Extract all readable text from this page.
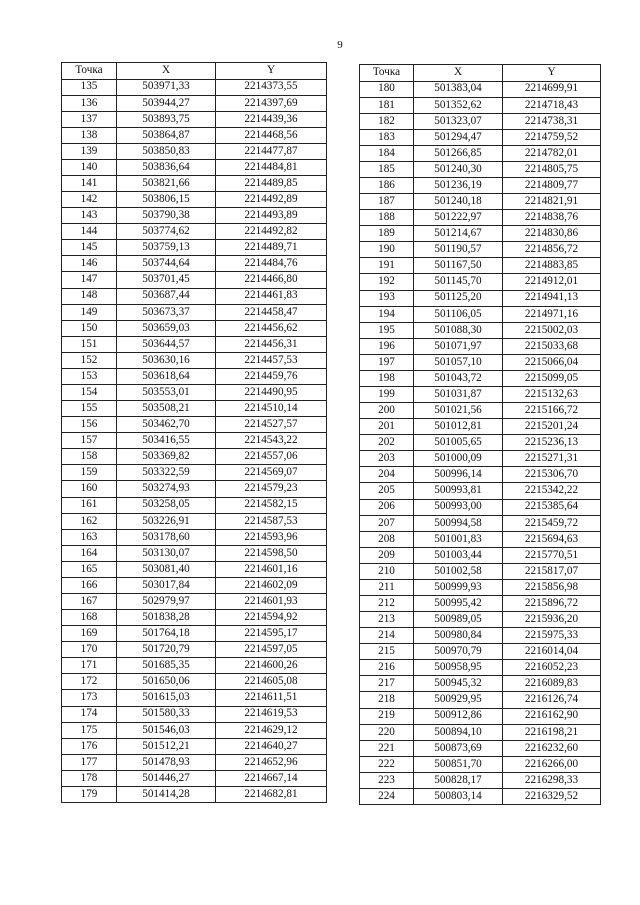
9
Точка	X	Y
135	503971,33	2214373,55
136	503944,27	2214397,69
137	503893,75	2214439,36
138	503864,87	2214468,56
139	503850,83	2214477,87
140	503836,64	2214484,81
141	503821,66	2214489,85
142	503806,15	2214492,89
143	503790,38	2214493,89
144	503774,62	2214492,82
145	503759,13	2214489,71
146	503744,64	2214484,76
147	503701,45	2214466,80
148	503687,44	2214461,83
149	503673,37	2214458,47
150	503659,03	2214456,62
151	503644,57	2214456,31
152	503630,16	2214457,53
153	503618,64	2214459,76
154	503553,01	2214490,95
155	503508,21	2214510,14
156	503462,70	2214527,57
157	503416,55	2214543,22
158	503369,82	2214557,06
159	503322,59	2214569,07
160	503274,93	2214579,23
161	503258,05	2214582,15
162	503226,91	2214587,53
163	503178,60	2214593,96
164	503130,07	2214598,50
165	503081,40	2214601,16
166	503017,84	2214602,09
167	502979,97	2214601,93
168	501838,28	2214594,92
169	501764,18	2214595,17
170	501720,79	2214597,05
171	501685,35	2214600,26
172	501650,06	2214605,08
173	501615,03	2214611,51
174	501580,33	2214619,53
175	501546,03	2214629,12
176	501512,21	2214640,27
177	501478,93	2214652,96
178	501446,27	2214667,14
179	501414,28	2214682,81
Точка	X	Y
180	501383,04	2214699,91
181	501352,62	2214718,43
182	501323,07	2214738,31
183	501294,47	2214759,52
184	501266,85	2214782,01
185	501240,30	2214805,75
186	501236,19	2214809,77
187	501240,18	2214821,91
188	501222,97	2214838,76
189	501214,67	2214830,86
190	501190,57	2214856,72
191	501167,50	2214883,85
192	501145,70	2214912,01
193	501125,20	2214941,13
194	501106,05	2214971,16
195	501088,30	2215002,03
196	501071,97	2215033,68
197	501057,10	2215066,04
198	501043,72	2215099,05
199	501031,87	2215132,63
200	501021,56	2215166,72
201	501012,81	2215201,24
202	501005,65	2215236,13
203	501000,09	2215271,31
204	500996,14	2215306,70
205	500993,81	2215342,22
206	500993,00	2215385,64
207	500994,58	2215459,72
208	501001,83	2215694,63
209	501003,44	2215770,51
210	501002,58	2215817,07
211	500999,93	2215856,98
212	500995,42	2215896,72
213	500989,05	2215936,20
214	500980,84	2215975,33
215	500970,79	2216014,04
216	500958,95	2216052,23
217	500945,32	2216089,83
218	500929,95	2216126,74
219	500912,86	2216162,90
220	500894,10	2216198,21
221	500873,69	2216232,60
222	500851,70	2216266,00
223	500828,17	2216298,33
224	500803,14	2216329,52
